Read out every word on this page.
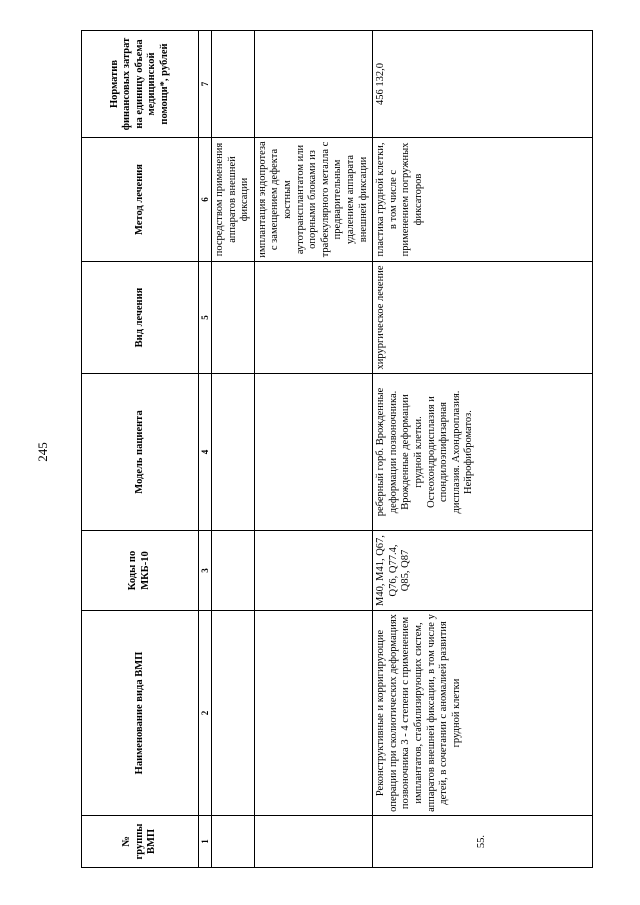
245
№ группы ВМП	Наименование вида ВМП	Коды по МКБ-10	Модель пациента	Вид лечения	Метод лечения	Норматив финансовых затрат на единицу объема медицинской помощи*, рублей
1	2	3	4	5	6	7
					посредством применения аппаратов внешней фиксации	
					имплантация эндопротеза с замещением дефекта костным аутотрансплантатом или опорными блоками из трабекулярного металла с предварительным удалением аппарата внешней фиксации	
55.	Реконструктивные и корригирующие операции при сколиотических деформациях позвоночника 3 - 4 степени с применением имплантатов, стабилизирующих систем, аппаратов внешней фиксации, в том числе у детей, в сочетании с аномалией развития грудной клетки	M40, M41, Q67, Q76, Q77.4, Q85, Q87	реберный горб. Врожденные деформации позвоночника. Врожденные деформации грудной клетки. Остеохондродисплазия и спондилоэпифизарная дисплазия. Ахондроплазия. Нейрофиброматоз.	хирургическое лечение	пластика грудной клетки, в том числе с применением погружных фиксаторов	456 132,0
